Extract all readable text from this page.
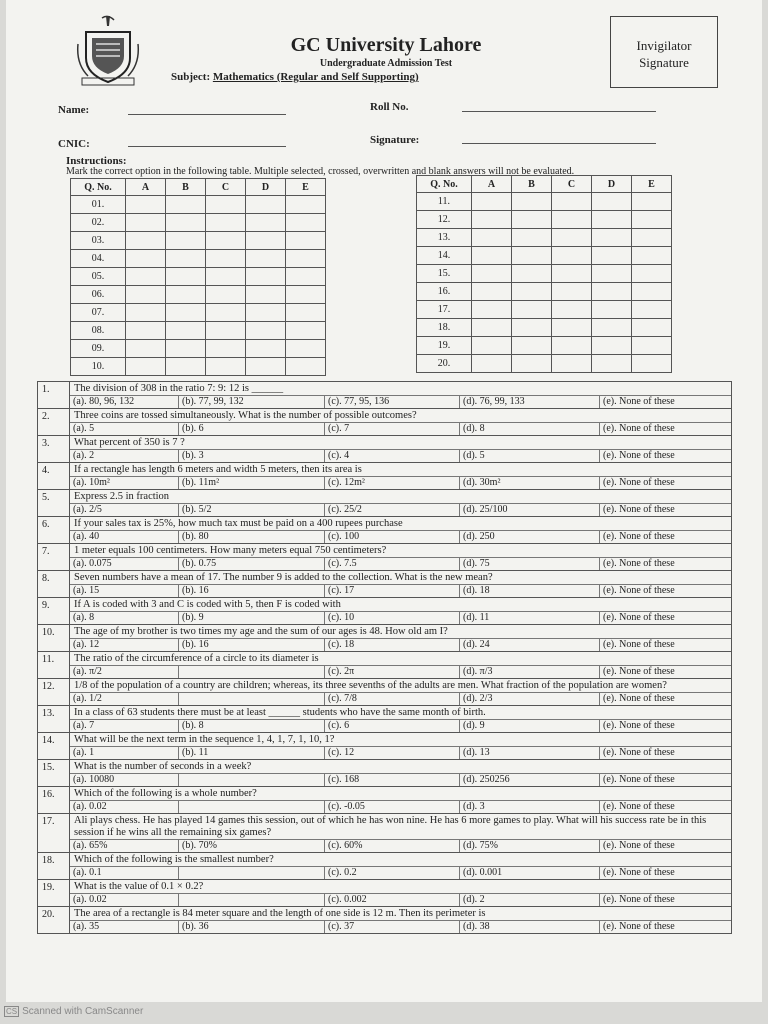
GC University Lahore
Undergraduate Admission Test
Subject: Mathematics (Regular and Self Supporting)
Invigilator Signature
Name:
CNIC:
Roll No.
Signature:
Instructions:
Mark the correct option in the following table. Multiple selected, crossed, overwritten and blank answers will not be evaluated.
Q. No.	A	B	C	D	E
01.					
02.					
03.					
04.					
05.					
06.					
07.					
08.					
09.					
10.					
Q. No.	A	B	C	D	E
11.					
12.					
13.					
14.					
15.					
16.					
17.					
18.					
19.					
20.					
1.	The division of 308 in the ratio 7: 9: 12 is ______
(a). 80, 96, 132	(b). 77, 99, 132	(c). 77, 95, 136	(d). 76, 99, 133	(e). None of these
2.	Three coins are tossed simultaneously. What is the number of possible outcomes?
(a). 5	(b). 6	(c). 7	(d). 8	(e). None of these
3.	What percent of 350 is 7 ?
(a). 2	(b). 3	(c). 4	(d). 5	(e). None of these
4.	If a rectangle has length 6 meters and width 5 meters, then its area is
(a). 10m²	(b). 11m²	(c). 12m²	(d). 30m²	(e). None of these
5.	Express 2.5 in fraction
(a). 2/5	(b). 5/2	(c). 25/2	(d). 25/100	(e). None of these
6.	If your sales tax is 25%, how much tax must be paid on a 400 rupees purchase
(a). 40	(b). 80	(c). 100	(d). 250	(e). None of these
7.	1 meter equals 100 centimeters. How many meters equal 750 centimeters?
(a). 0.075	(b). 0.75	(c). 7.5	(d). 75	(e). None of these
8.	Seven numbers have a mean of 17. The number 9 is added to the collection. What is the new mean?
(a). 15	(b). 16	(c). 17	(d). 18	(e). None of these
9.	If A is coded with 3 and C is coded with 5, then F is coded with
(a). 8	(b). 9	(c). 10	(d). 11	(e). None of these
10.	The age of my brother is two times my age and the sum of our ages is 48. How old am I?
(a). 12	(b). 16	(c). 18	(d). 24	(e). None of these
11.	The ratio of the circumference of a circle to its diameter is
(a). π/2	(c). 2π	(d). π/3	(e). None of these
12.	1/8 of the population of a country are children; whereas, its three sevenths of the adults are men. What fraction of the population are women?
(a). 1/2	(c). 7/8	(d). 2/3	(e). None of these
13.	In a class of 63 students there must be at least ______ students who have the same month of birth.
(a). 7	(b). 8	(c). 6	(d). 9	(e). None of these
14.	What will be the next term in the sequence 1, 4, 1, 7, 1, 10, 1?
(a). 1	(b). 11	(c). 12	(d). 13	(e). None of these
15.	What is the number of seconds in a week?
(a). 10080	(c). 168	(d). 250256	(e). None of these
16.	Which of the following is a whole number?
(a). 0.02	(c). -0.05	(d). 3	(e). None of these
17.	Ali plays chess. He has played 14 games this session, out of which he has won nine. He has 6 more games to play. What will his success rate be in this session if he wins all the remaining six games?
(a). 65%	(b). 70%	(c). 60%	(d). 75%	(e). None of these
18.	Which of the following is the smallest number?
(a). 0.1	(c). 0.2	(d). 0.001	(e). None of these
19.	What is the value of 0.1 × 0.2?
(a). 0.02	(c). 0.002	(d). 2	(e). None of these
20.	The area of a rectangle is 84 meter square and the length of one side is 12 m. Then its perimeter is
(a). 35	(b). 36	(c). 37	(d). 38	(e). None of these
CS Scanned with CamScanner
